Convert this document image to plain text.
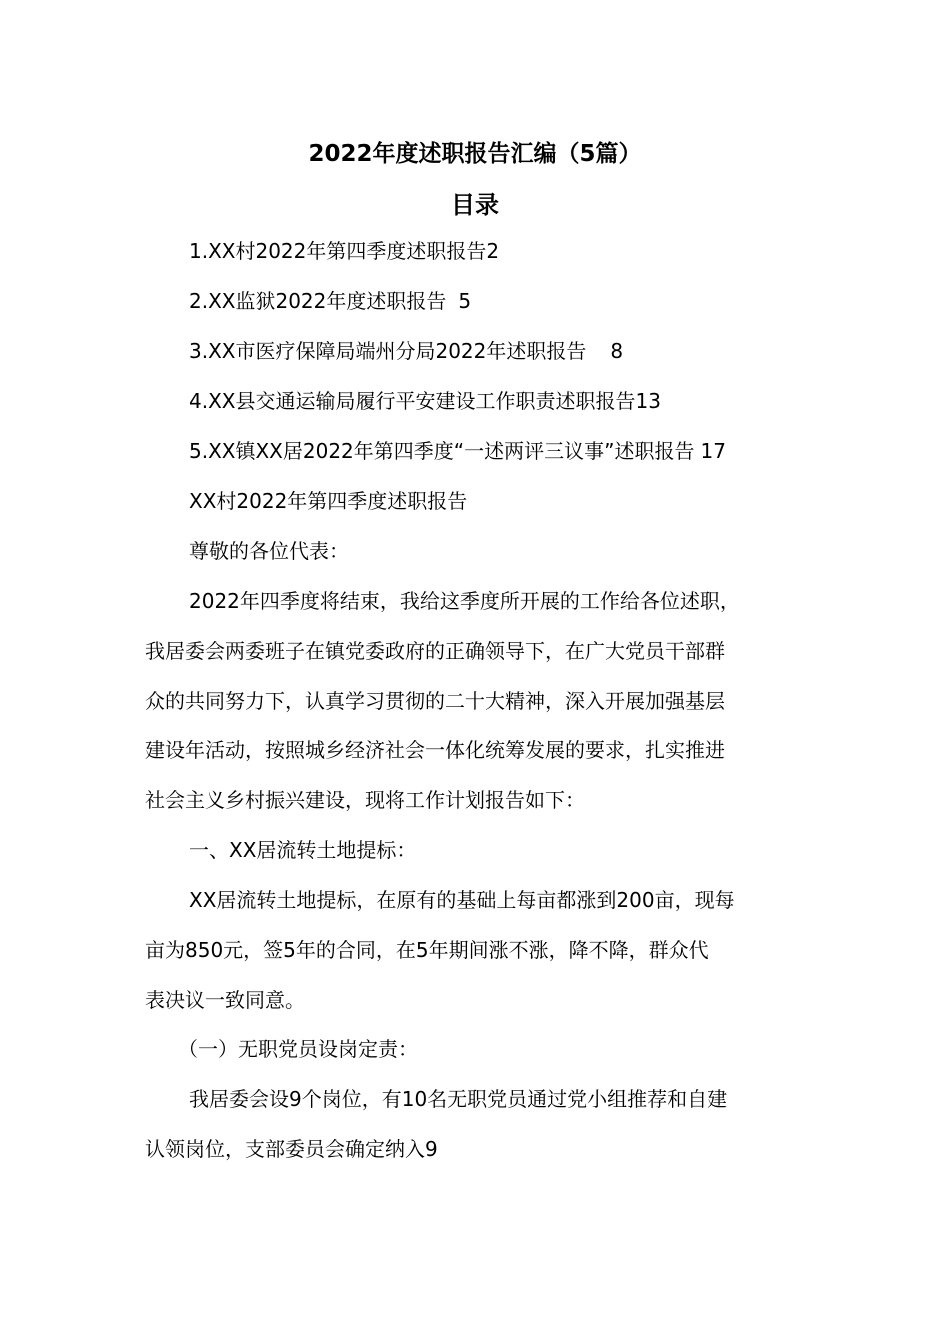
2022年度述职报告汇编（5篇）
目录
1.XX村2022年第四季度述职报告2
2.XX监狱2022年度述职报告 5
3.XX市医疗保障局端州分局2022年述职报告 8
4.XX县交通运输局履行平安建设工作职责述职报告13
5.XX镇XX居2022年第四季度“一述两评三议事”述职报告 17
XX村2022年第四季度述职报告
尊敬的各位代表：
2022年四季度将结束，我给这季度所开展的工作给各位述职，
我居委会两委班子在镇党委政府的正确领导下，在广大党员干部群
众的共同努力下，认真学习贯彻的二十大精神，深入开展加强基层
建设年活动，按照城乡经济社会一体化统筹发展的要求，扎实推进
社会主义乡村振兴建设，现将工作计划报告如下：
一、XX居流转土地提标：
XX居流转土地提标，在原有的基础上每亩都涨到200亩，现每
亩为850元，签5年的合同，在5年期间涨不涨，降不降，群众代
表决议一致同意。
（一）无职党员设岗定责：
我居委会设9个岗位，有10名无职党员通过党小组推荐和自建
认领岗位，支部委员会确定纳入9
